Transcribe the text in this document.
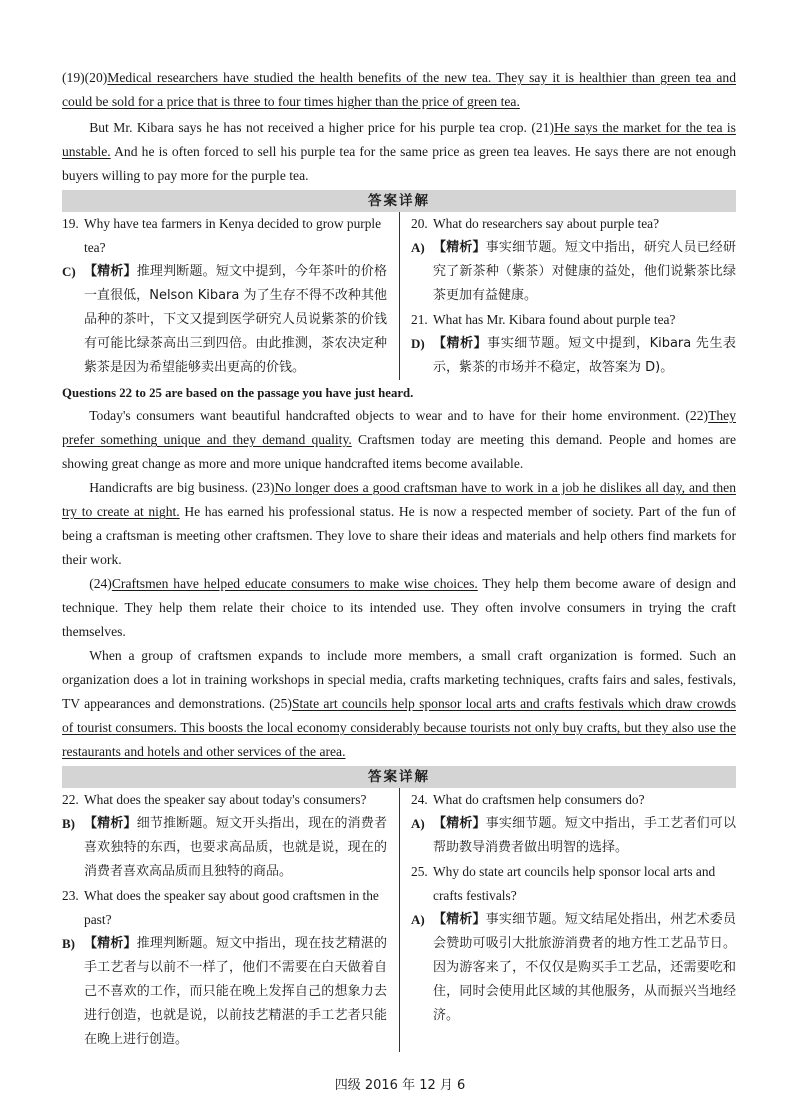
(19)(20)Medical researchers have studied the health benefits of the new tea. They say it is healthier than green tea and could be sold for a price that is three to four times higher than the price of green tea.

But Mr. Kibara says he has not received a higher price for his purple tea crop. (21)He says the market for the tea is unstable. And he is often forced to sell his purple tea for the same price as green tea leaves. He says there are not enough buyers willing to pay more for the purple tea.

答案详解
19. Why have tea farmers in Kenya decided to grow purple tea?
C) 【精析】推理判断题。短文中提到，今年茶叶的价格一直很低，Nelson Kibara 为了生存不得不改种其他品种的茶叶，下文又提到医学研究人员说紫茶的价钱有可能比绿茶高出三到四倍。由此推测，茶农决定种紫茶是因为希望能够卖出更高的价钱。
20. What do researchers say about purple tea?
A) 【精析】事实细节题。短文中指出，研究人员已经研究了新茶种（紫茶）对健康的益处，他们说紫茶比绿茶更加有益健康。
21. What has Mr. Kibara found about purple tea?
D) 【精析】事实细节题。短文中提到，Kibara 先生表示，紫茶的市场并不稳定，故答案为 D)。
Questions 22 to 25 are based on the passage you have just heard.

Today's consumers want beautiful handcrafted objects to wear and to have for their home environment. (22)They prefer something unique and they demand quality. Craftsmen today are meeting this demand. People and homes are showing great change as more and more unique handcrafted items become available.

Handicrafts are big business. (23)No longer does a good craftsman have to work in a job he dislikes all day, and then try to create at night. He has earned his professional status. He is now a respected member of society. Part of the fun of being a craftsman is meeting other craftsmen. They love to share their ideas and materials and help others find markets for their work.

(24)Craftsmen have helped educate consumers to make wise choices. They help them become aware of design and technique. They help them relate their choice to its intended use. They often involve consumers in trying the craft themselves.

When a group of craftsmen expands to include more members, a small craft organization is formed. Such an organization does a lot in training workshops in special media, crafts marketing techniques, crafts fairs and sales, festivals, TV appearances and demonstrations. (25)State art councils help sponsor local arts and crafts festivals which draw crowds of tourist consumers. This boosts the local economy considerably because tourists not only buy crafts, but they also use the restaurants and hotels and other services of the area.

答案详解
22. What does the speaker say about today's consumers?
B) 【精析】细节推断题。短文开头指出，现在的消费者喜欢独特的东西，也要求高品质，也就是说，现在的消费者喜欢高品质而且独特的商品。
23. What does the speaker say about good craftsmen in the past?
B) 【精析】推理判断题。短文中指出，现在技艺精湛的手工艺者与以前不一样了，他们不需要在白天做着自己不喜欢的工作，而只能在晚上发挥自己的想象力去进行创造，也就是说，以前技艺精湛的手工艺者只能在晚上进行创造。
24. What do craftsmen help consumers do?
A) 【精析】事实细节题。短文中指出，手工艺者们可以帮助教导消费者做出明智的选择。
25. Why do state art councils help sponsor local arts and crafts festivals?
A) 【精析】事实细节题。短文结尾处指出，州艺术委员会赞助可吸引大批旅游消费者的地方性工艺品节日。因为游客来了，不仅仅是购买手工艺品，还需要吃和住，同时会使用此区域的其他服务，从而振兴当地经济。
四级 2016 年 12 月 6
